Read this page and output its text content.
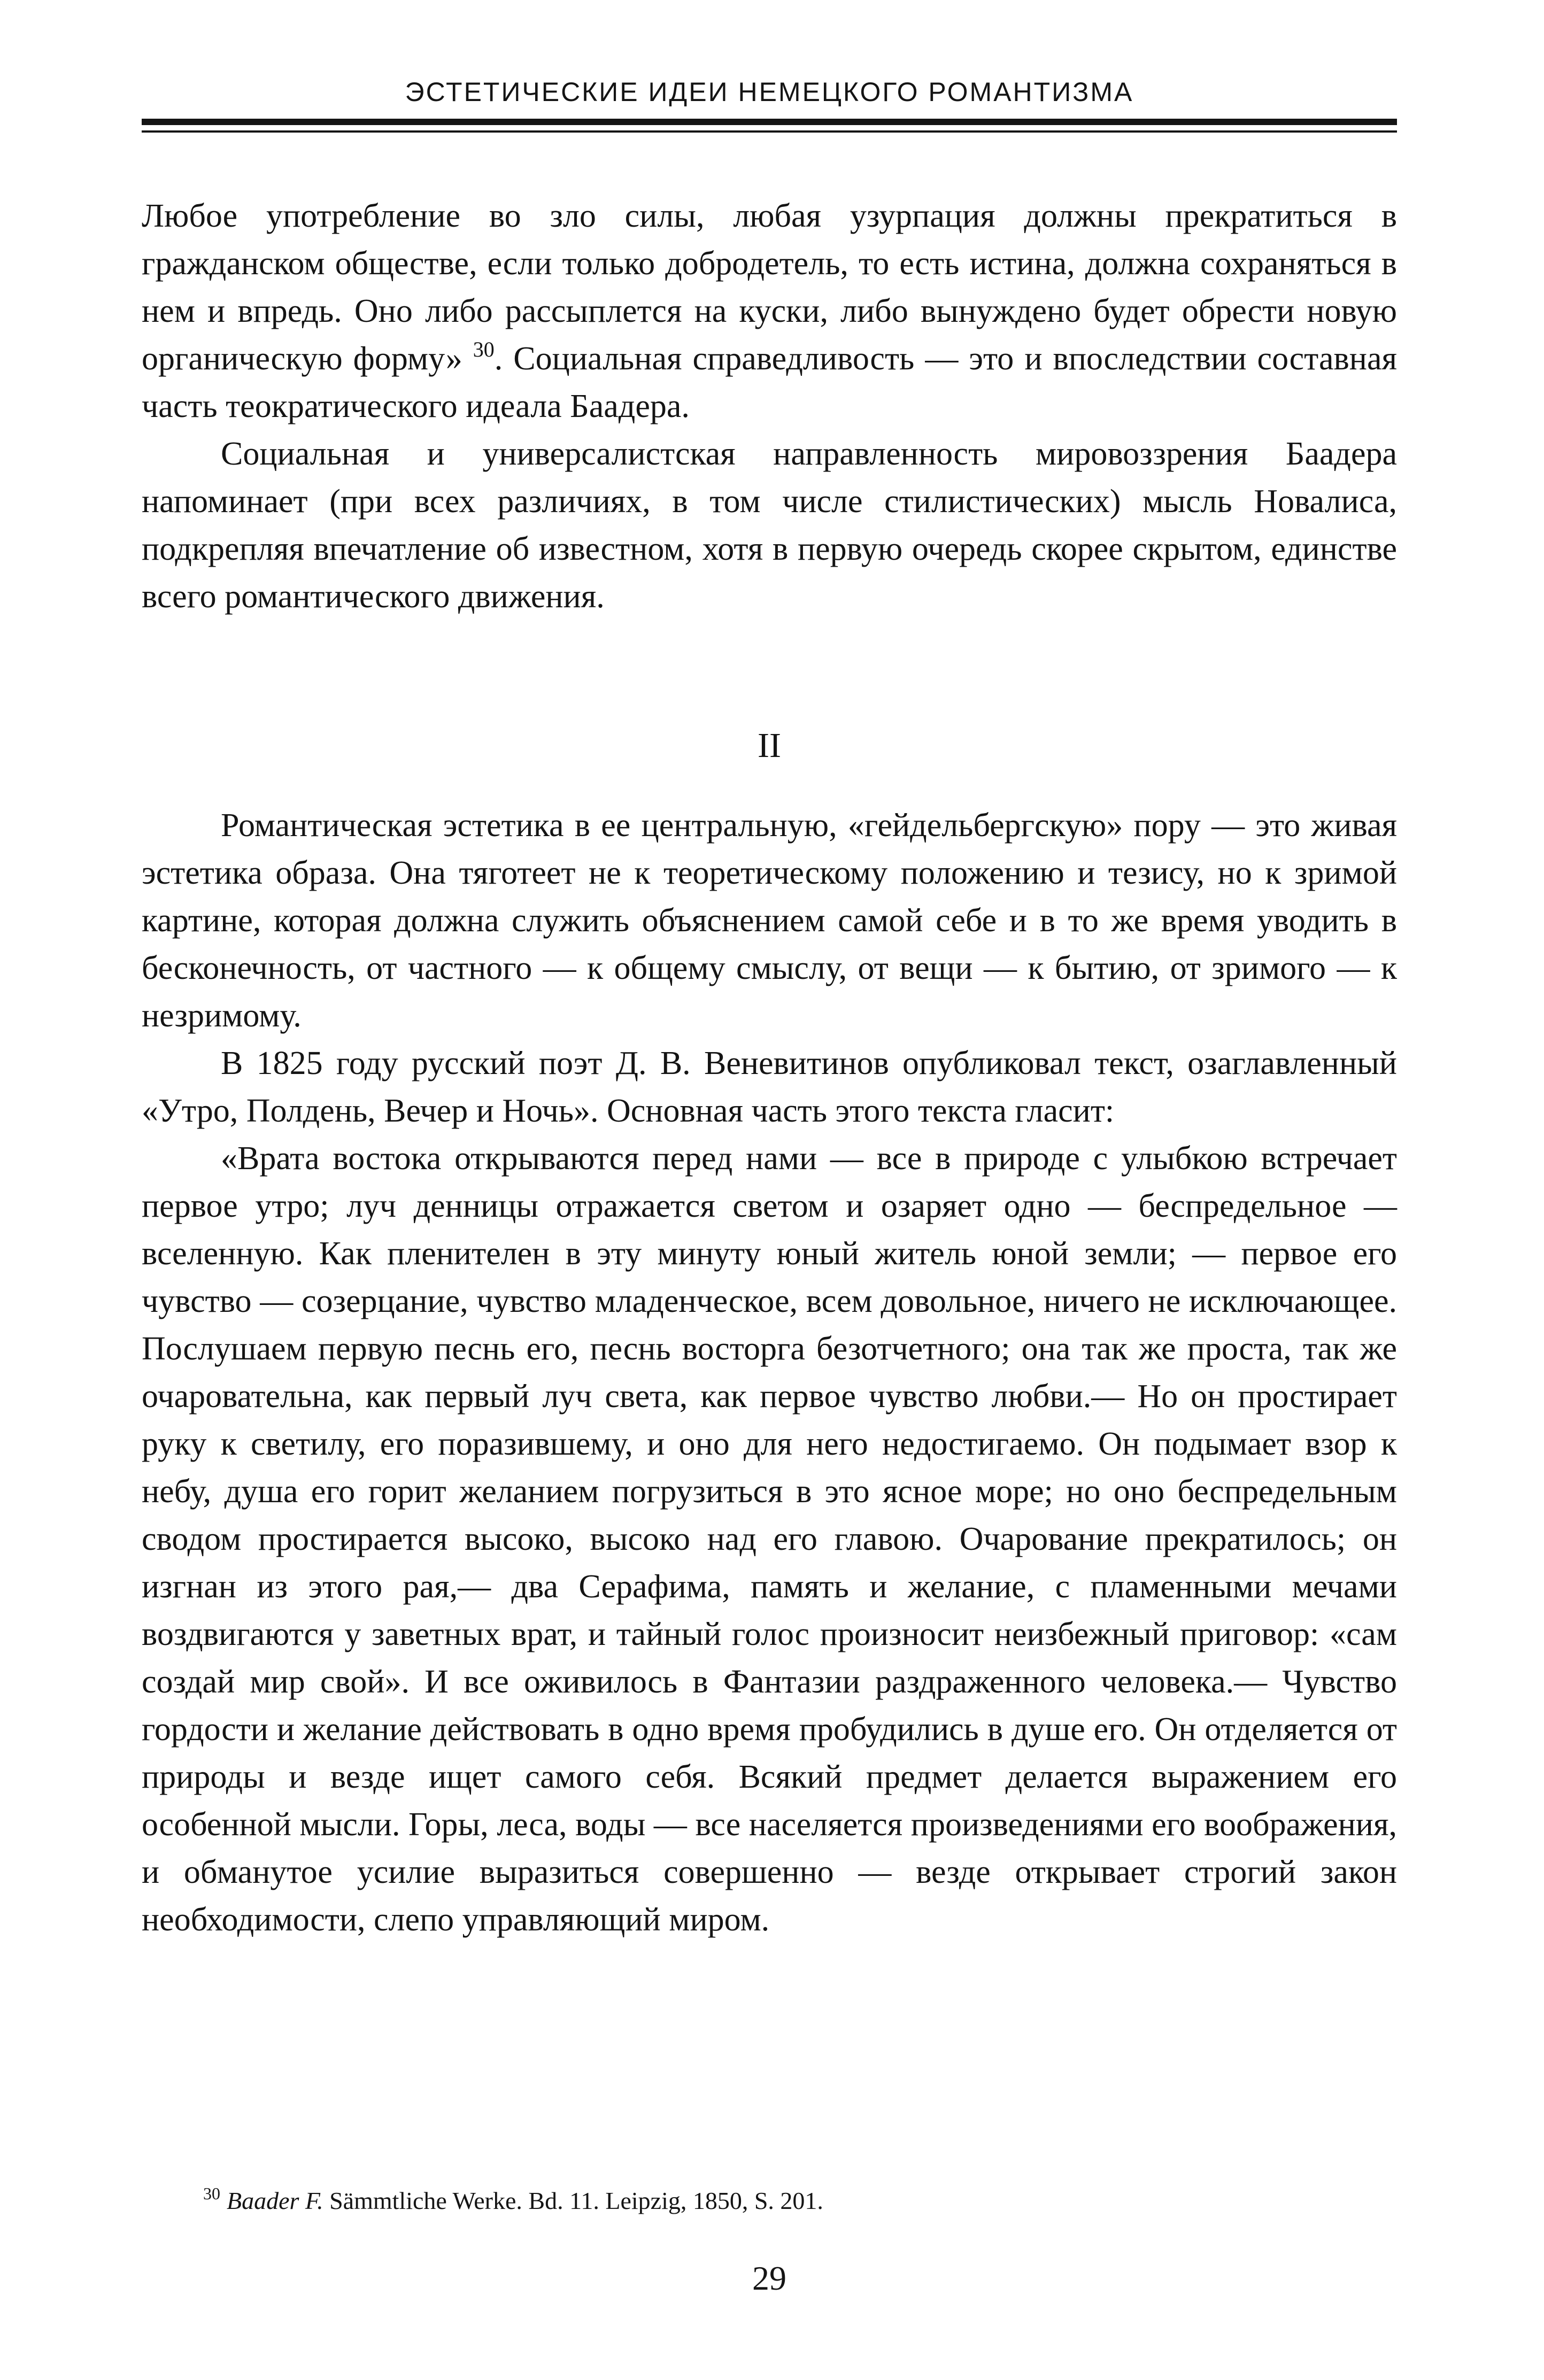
ЭСТЕТИЧЕСКИЕ ИДЕИ НЕМЕЦКОГО РОМАНТИЗМА

Любое употребление во зло силы, любая узурпация должны прекратиться в гражданском обществе, если только добродетель, то есть истина, должна сохраняться в нем и впредь. Оно либо рассыплется на куски, либо вынуждено будет обрести новую органическую форму» $^{30}$. Социальная справедливость — это и впоследствии составная часть теократического идеала Баадера.

Социальная и универсалистская направленность мировоззрения Баадера напоминает (при всех различиях, в том числе стилистических) мысль Новалиса, подкрепляя впечатление об известном, хотя в первую очередь скорее скрытом, единстве всего романтического движения.

II

Романтическая эстетика в ее центральную, «гейдельбергскую» пору — это живая эстетика образа. Она тяготеет не к теоретическому положению и тезису, но к зримой картине, которая должна служить объяснением самой себе и в то же время уводить в бесконечность, от частного — к общему смыслу, от вещи — к бытию, от зримого — к незримому.

В 1825 году русский поэт Д. В. Веневитинов опубликовал текст, озаглавленный «Утро, Полдень, Вечер и Ночь». Основная часть этого текста гласит:

«Врата востока открываются перед нами — все в природе с улыбкою встречает первое утро; луч денницы отражается светом и озаряет одно — беспредельное — вселенную. Как пленителен в эту минуту юный житель юной земли; — первое его чувство — созерцание, чувство младенческое, всем довольное, ничего не исключающее. Послушаем первую песнь его, песнь восторга безотчетного; она так же проста, так же очаровательна, как первый луч света, как первое чувство любви.— Но он простирает руку к светилу, его поразившему, и оно для него недостигаемо. Он подымает взор к небу, душа его горит желанием погрузиться в это ясное море; но оно беспредельным сводом простирается высоко, высоко над его главою. Очарование прекратилось; он изгнан из этого рая,— два Серафима, память и желание, с пламенными мечами воздвигаются у заветных врат, и тайный голос произносит неизбежный приговор: «сам создай мир свой». И все оживилось в Фантазии раздраженного человека.— Чувство гордости и желание действовать в одно время пробудились в душе его. Он отделяется от природы и везде ищет самого себя. Всякий предмет делается выражением его особенной мысли. Горы, леса, воды — все населяется произведениями его воображения, и обманутое усилие выразиться совершенно — везде открывает строгий закон необходимости, слепо управляющий миром.

$^{30}$ Baader F. Sämmtliche Werke. Bd. 11. Leipzig, 1850, S. 201.
29
